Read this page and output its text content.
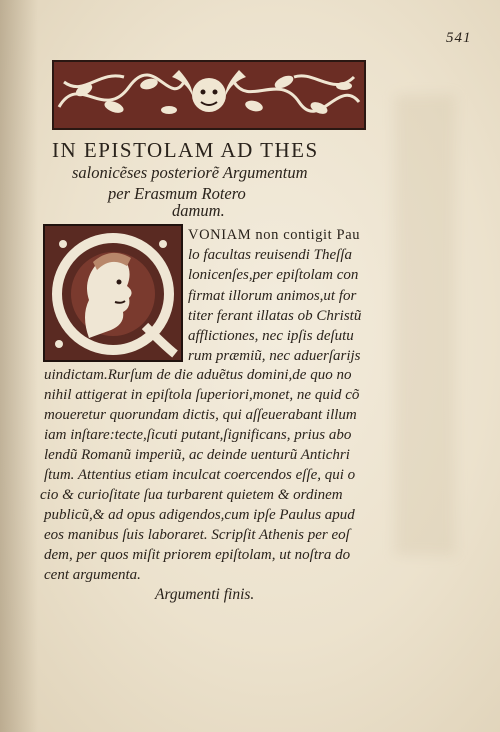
541
IN EPISTOLAM AD THES
salonicẽses posteriorẽ Argumentum
per Erasmum Rotero
damum.
VONIAM non contigit Pau
lo facultas reuisendi Theſſa
lonicenſes,per epiſtolam con
firmat illorum animos,ut for
titer ferant illatas ob Christũ
afflictiones, nec ipſis deſutu
rum præmiũ, nec aduerſarijs
uindictam.Rurſum de die aduẽtus domini,de quo no
nihil attigerat in epiſtola ſuperiori,monet, ne quid cõ
moueretur quorundam dictis, qui aſſeuerabant illum
iam inſtare:tecte,ſicuti putant,ſignificans, prius abo
lendũ Romanũ imperiũ, ac deinde uenturũ Antichri
ſtum. Attentius etiam inculcat coercendos eſſe, qui o
cio & curioſitate ſua turbarent quietem & ordinem
publicũ,& ad opus adigendos,cum ipſe Paulus apud
eos manibus ſuis laboraret. Scripſit Athenis per eoſ
dem, per quos miſit priorem epiſtolam, ut noſtra do
cent argumenta.
Argumenti finis.
